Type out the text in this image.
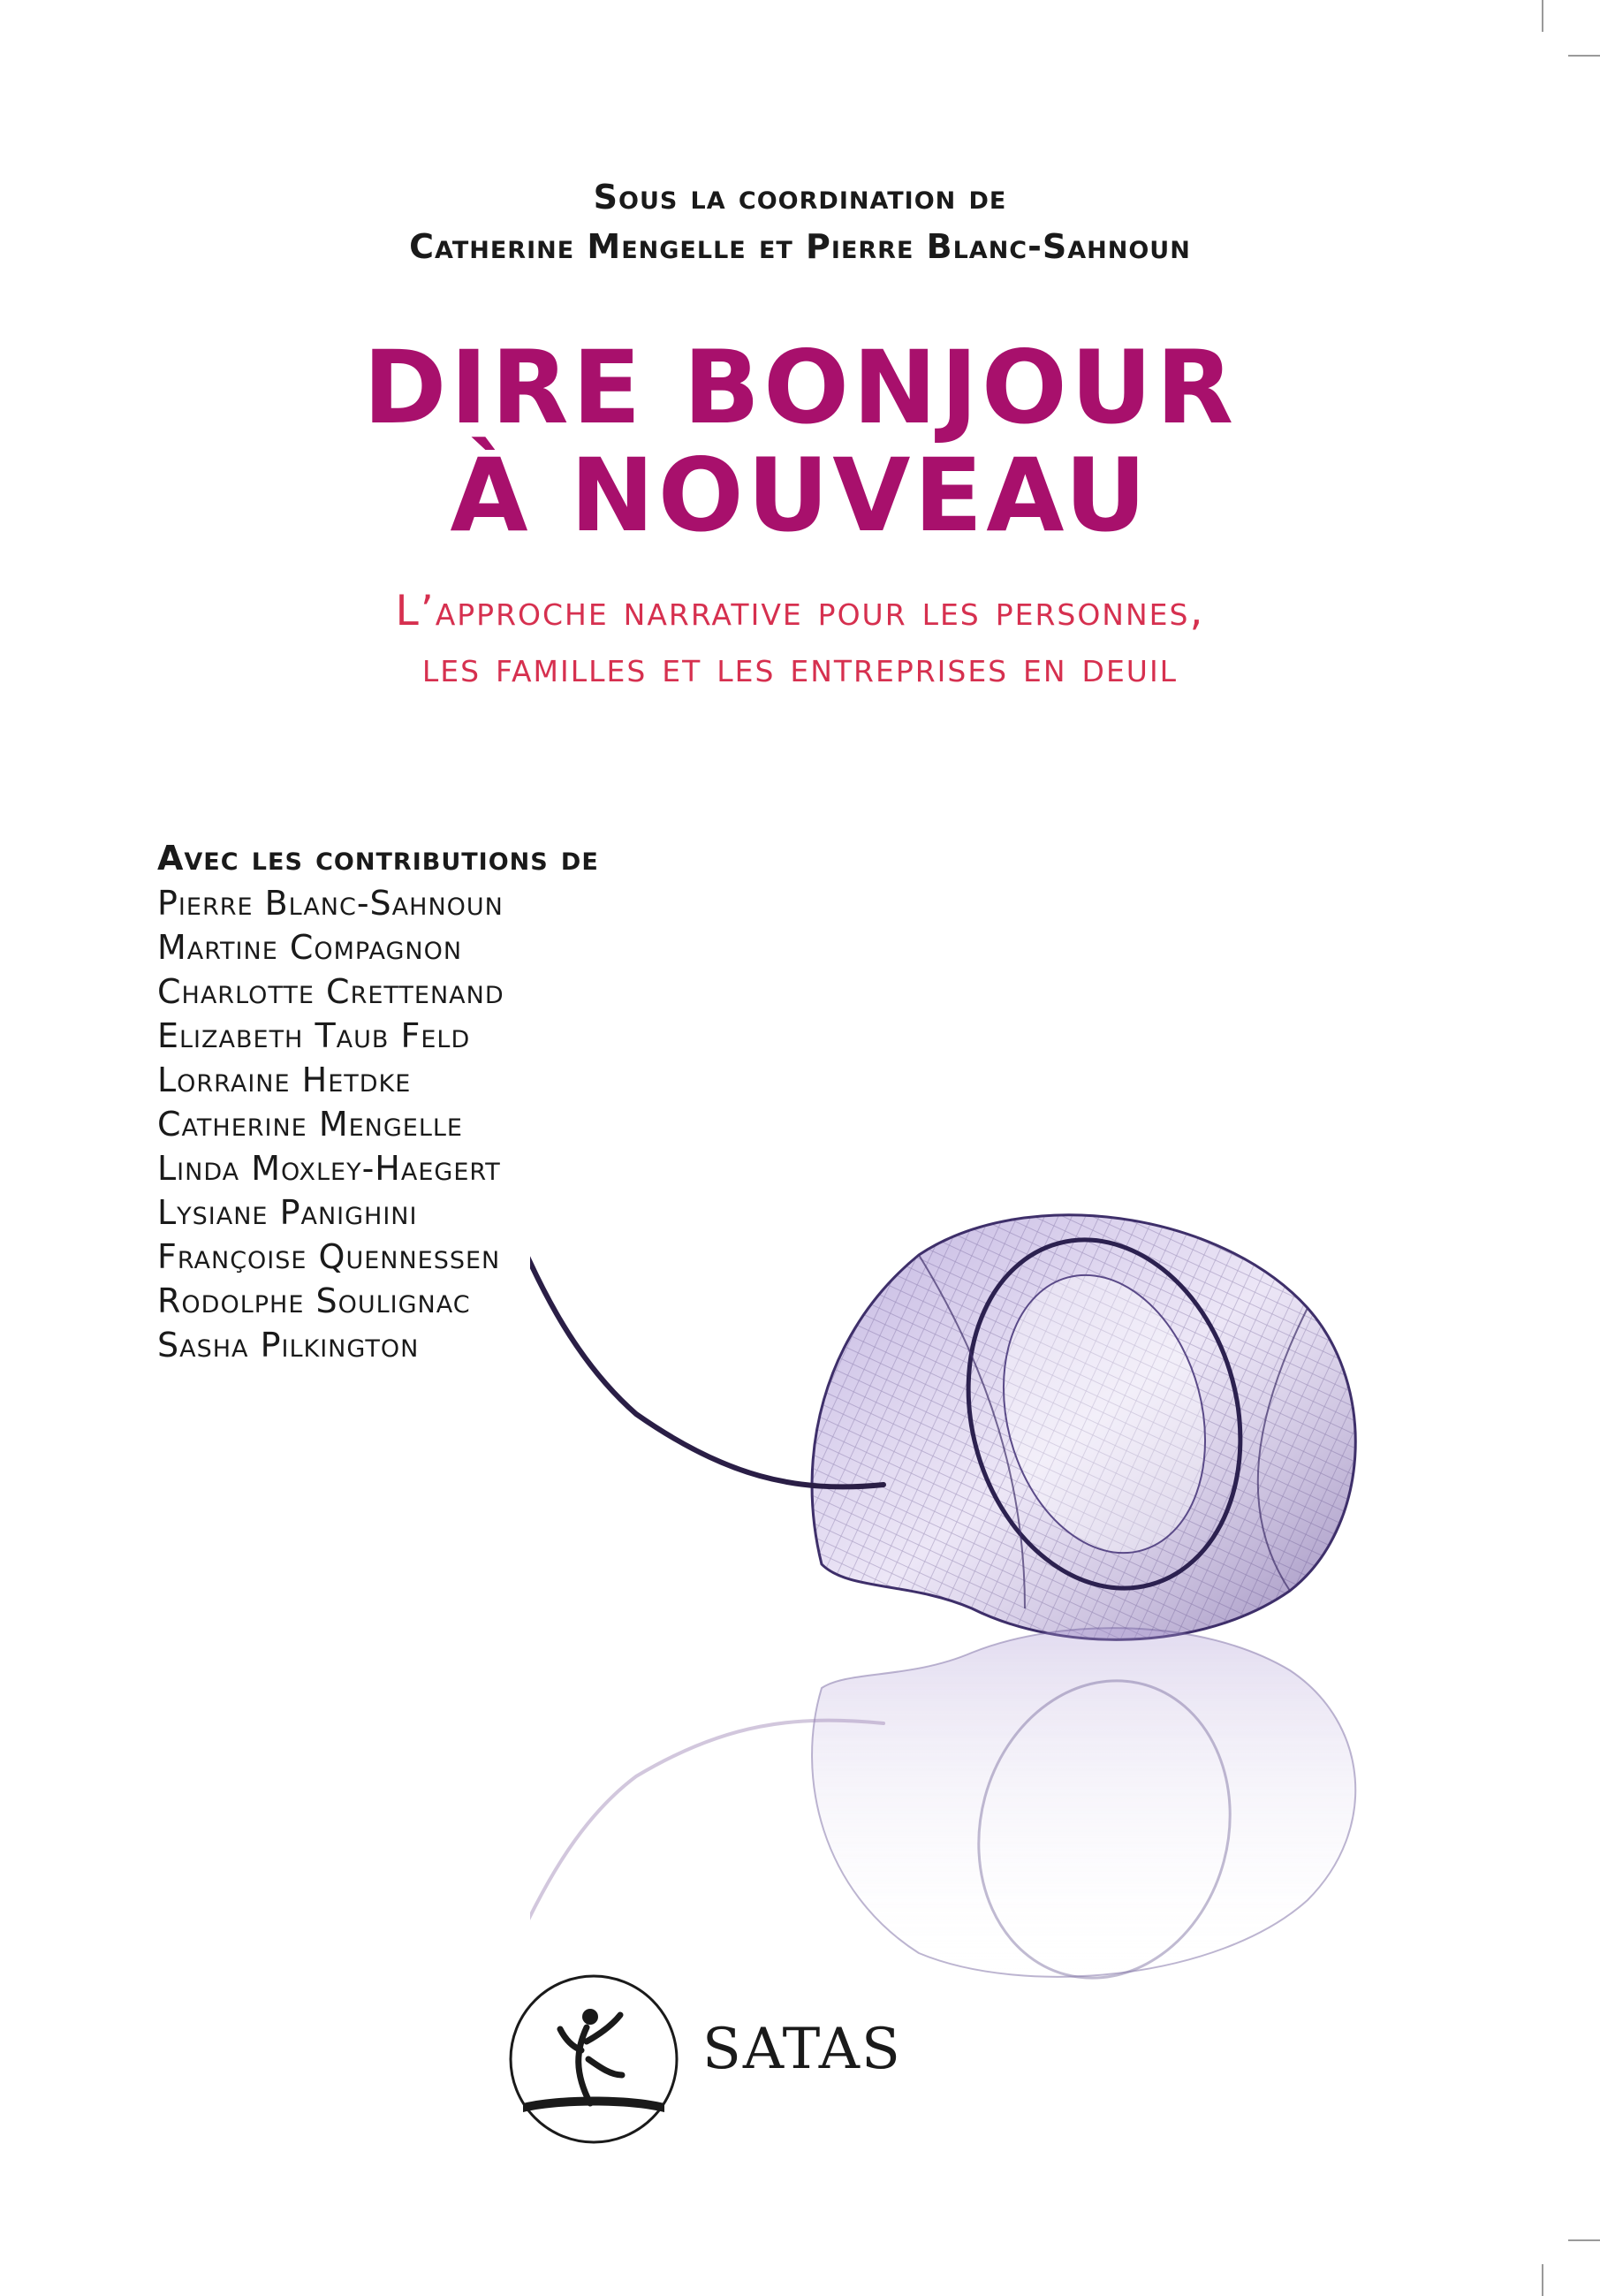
Sous la coordination de
Catherine Mengelle et Pierre Blanc-Sahnoun
DIRE BONJOUR
À NOUVEAU
L’approche narrative pour les personnes,
les familles et les entreprises en deuil
Avec les contributions de
Pierre Blanc-Sahnoun
Martine Compagnon
Charlotte Crettenand
Elizabeth Taub Feld
Lorraine Hetdke
Catherine Mengelle
Linda Moxley-Haegert
Lysiane Panighini
Françoise Quennessen
Rodolphe Soulignac
Sasha Pilkington
SATAS
